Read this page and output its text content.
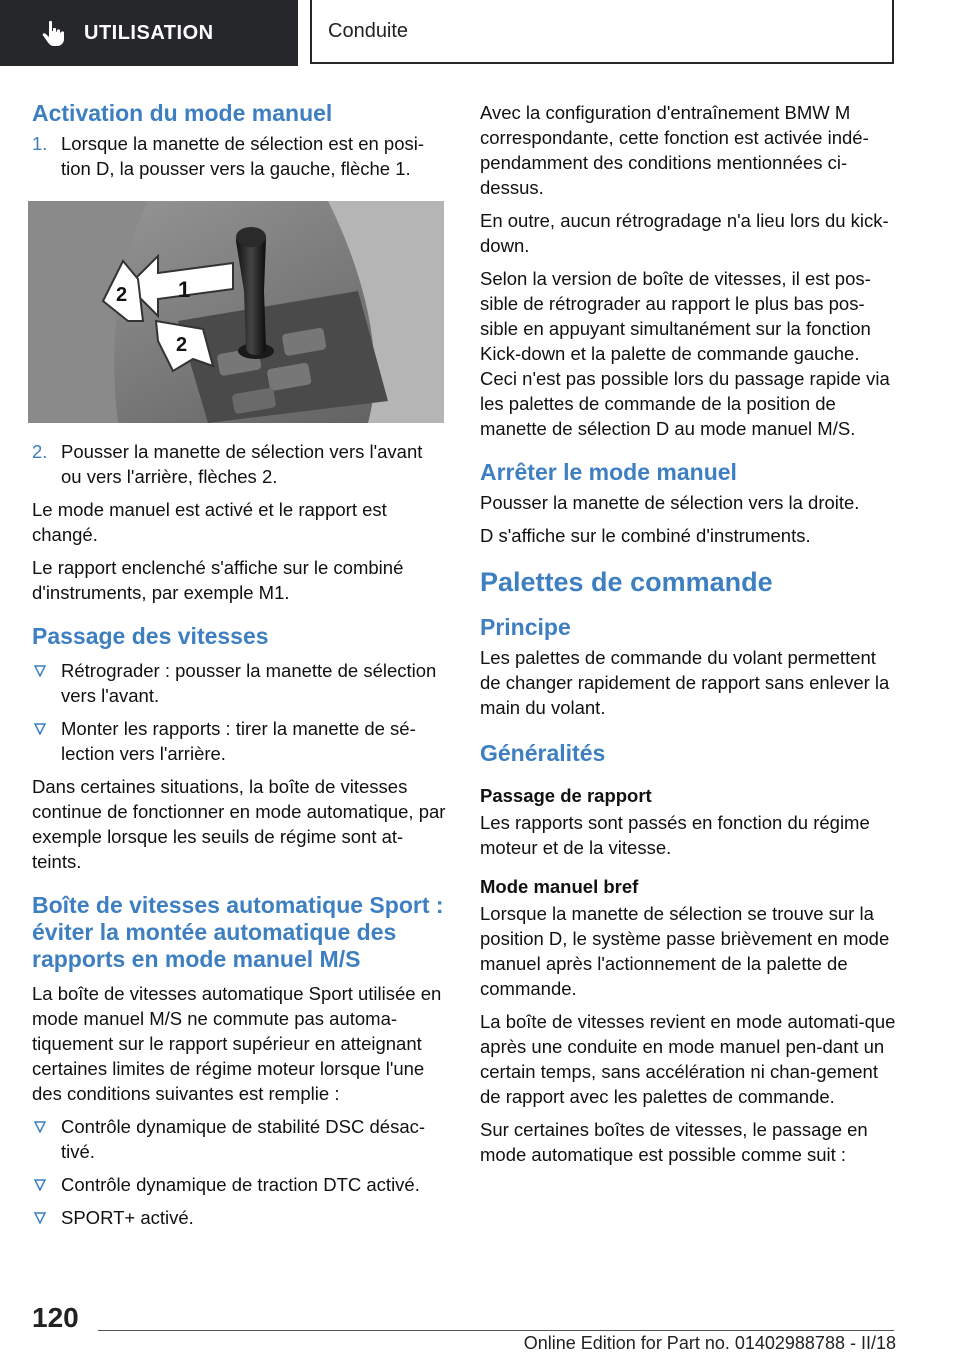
UTILISATION	Conduite
Activation du mode manuel
1. Lorsque la manette de sélection est en posi‐tion D, la pousser vers la gauche, flèche 1.
1
2
2
2. Pousser la manette de sélection vers l'avant ou vers l'arrière, flèches 2.

Le mode manuel est activé et le rapport est changé.

Le rapport enclenché s'affiche sur le combiné d'instruments, par exemple M1.

Passage des vitesses
Rétrograder : pousser la manette de sélection vers l'avant.
Monter les rapports : tirer la manette de sé‐lection vers l'arrière.

Dans certaines situations, la boîte de vitesses continue de fonctionner en mode automatique, par exemple lorsque les seuils de régime sont at‐teints.

Boîte de vitesses automatique Sport : éviter la montée automatique des rapports en mode manuel M/S

La boîte de vitesses automatique Sport utilisée en mode manuel M/S ne commute pas automa‐tiquement sur le rapport supérieur en atteignant certaines limites de régime moteur lorsque l'une des conditions suivantes est remplie :

Contrôle dynamique de stabilité DSC désac‐tivé.
Contrôle dynamique de traction DTC activé.
SPORT+ activé.

Avec la configuration d'entraînement BMW M correspondante, cette fonction est activée indé‐pendamment des conditions mentionnées ci-dessus.

En outre, aucun rétrogradage n'a lieu lors du kick-down.

Selon la version de boîte de vitesses, il est pos‐sible de rétrograder au rapport le plus bas pos‐sible en appuyant simultanément sur la fonction Kick-down et la palette de commande gauche. Ceci n'est pas possible lors du passage rapide via les palettes de commande de la position de manette de sélection D au mode manuel M/S.

Arrêter le mode manuel

Pousser la manette de sélection vers la droite.

D s'affiche sur le combiné d'instruments.

Palettes de commande
Principe

Les palettes de commande du volant permettent de changer rapidement de rapport sans enlever la main du volant.

Généralités
Passage de rapport

Les rapports sont passés en fonction du régime moteur et de la vitesse.

Mode manuel bref

Lorsque la manette de sélection se trouve sur la position D, le système passe brièvement en mode manuel après l'actionnement de la palette de commande.

La boîte de vitesses revient en mode automati‐que après une conduite en mode manuel pen‐dant un certain temps, sans accélération ni chan‐gement de rapport avec les palettes de commande.

Sur certaines boîtes de vitesses, le passage en mode automatique est possible comme suit :

120
Online Edition for Part no. 01402988788 - II/18
